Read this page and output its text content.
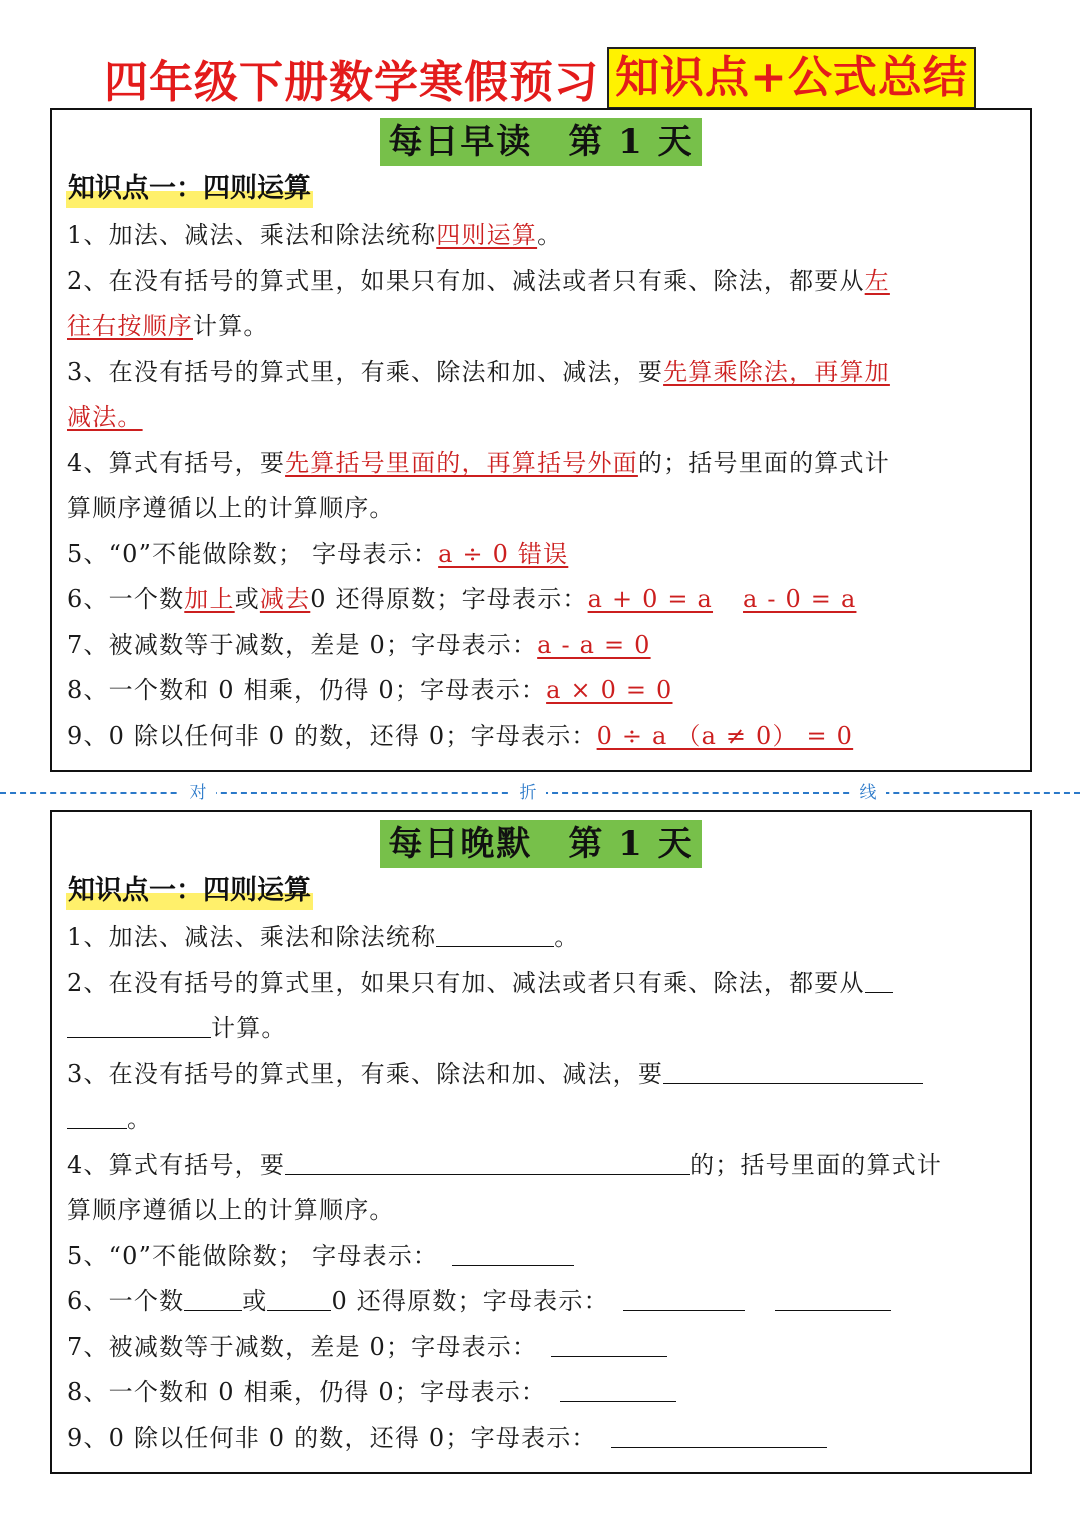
四年级下册数学寒假预习 知识点+公式总结
每日早读　第 1 天
知识点一：四则运算
1、加法、减法、乘法和除法统称四则运算。
2、在没有括号的算式里，如果只有加、减法或者只有乘、除法，都要从左
往右按顺序计算。
3、在没有括号的算式里，有乘、除法和加、减法，要先算乘除法，再算加
减法。
4、算式有括号，要先算括号里面的，再算括号外面的；括号里面的算式计
算顺序遵循以上的计算顺序。
5、“0”不能做除数； 字母表示：a ÷ 0 错误
6、一个数加上或减去0 还得原数；字母表示：a + 0 = a a - 0 = a
7、被减数等于减数，差是 0；字母表示：a - a = 0
8、一个数和 0 相乘，仍得 0；字母表示：a × 0 = 0
9、0 除以任何非 0 的数，还得 0；字母表示：0 ÷ a （a ≠ 0） = 0
对	折	线
每日晚默　第 1 天
知识点一：四则运算
1、加法、减法、乘法和除法统称	。
2、在没有括号的算式里，如果只有加、减法或者只有乘、除法，都要从
计算。
3、在没有括号的算式里，有乘、除法和加、减法，要
。
4、算式有括号，要	的；括号里面的算式计
算顺序遵循以上的计算顺序。
5、“0”不能做除数； 字母表示：
6、一个数 或	0 还得原数；字母表示：
7、被减数等于减数，差是 0；字母表示：
8、一个数和 0 相乘，仍得 0；字母表示：
9、0 除以任何非 0 的数，还得 0；字母表示：
